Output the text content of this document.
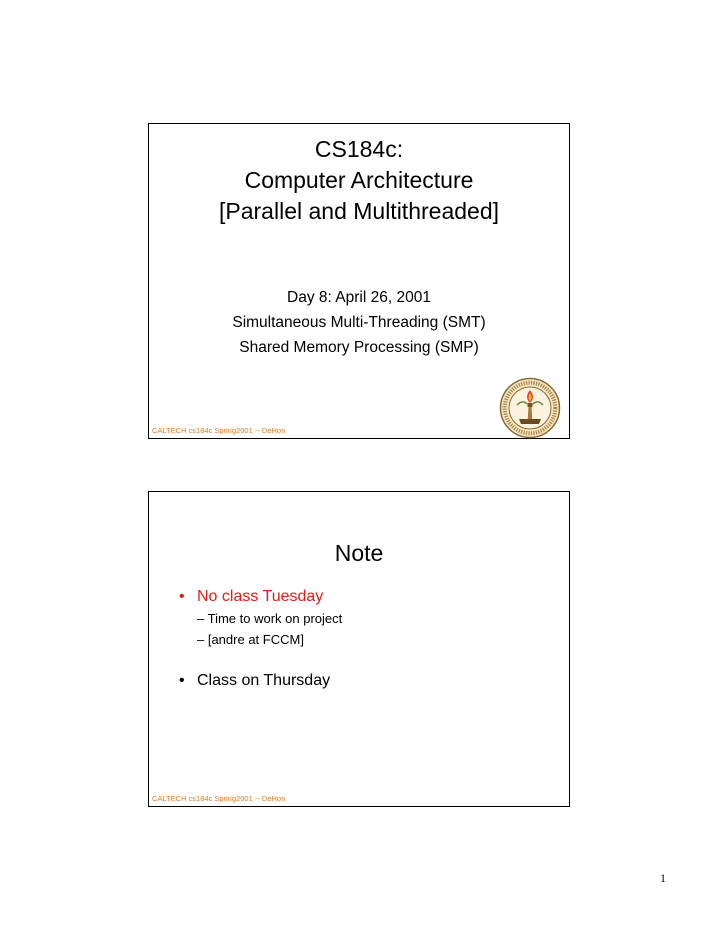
CS184c:
Computer Architecture
[Parallel and Multithreaded]
Day 8: April 26, 2001
Simultaneous Multi-Threading (SMT)
Shared Memory Processing (SMP)
CALTECH cs184c Spring2001 -- DeHon
Note
• No class Tuesday
– Time to work on project
– [andre at FCCM]
• Class on Thursday
CALTECH cs184c Spring2001 -- DeHon
1
